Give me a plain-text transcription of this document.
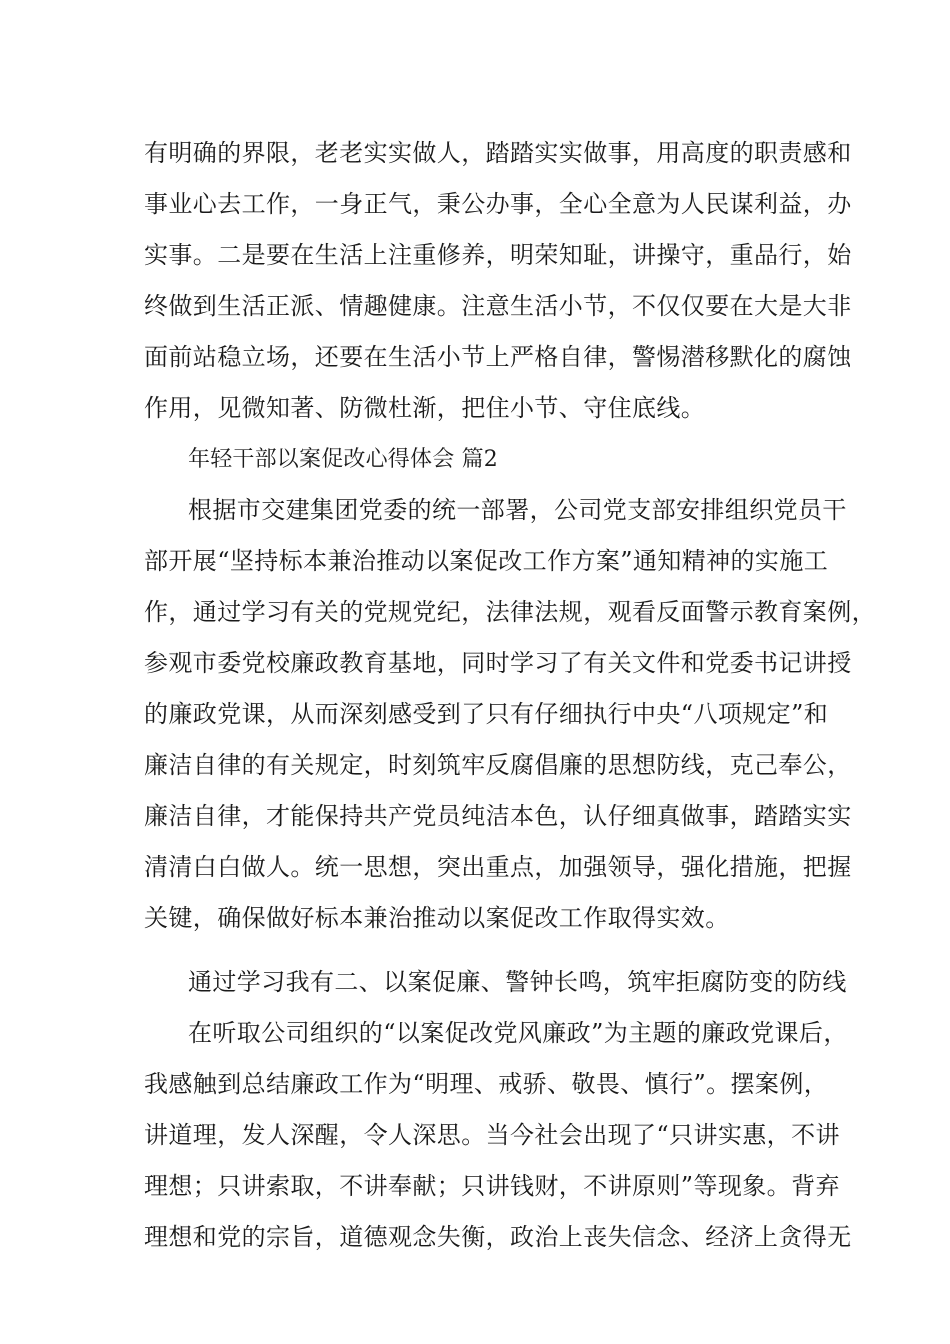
有明确的界限，老老实实做人，踏踏实实做事，用高度的职责感和
事业心去工作，一身正气，秉公办事，全心全意为人民谋利益，办
实事。二是要在生活上注重修养，明荣知耻，讲操守，重品行，始
终做到生活正派、情趣健康。注意生活小节，不仅仅要在大是大非
面前站稳立场，还要在生活小节上严格自律，警惕潜移默化的腐蚀
作用，见微知著、防微杜渐，把住小节、守住底线。
年轻干部以案促改心得体会 篇2
根据市交建集团党委的统一部署，公司党支部安排组织党员干
部开展“坚持标本兼治推动以案促改工作方案”通知精神的实施工
作，通过学习有关的党规党纪，法律法规，观看反面警示教育案例，
参观市委党校廉政教育基地，同时学习了有关文件和党委书记讲授
的廉政党课，从而深刻感受到了只有仔细执行中央“八项规定”和
廉洁自律的有关规定，时刻筑牢反腐倡廉的思想防线，克己奉公，
廉洁自律，才能保持共产党员纯洁本色，认仔细真做事，踏踏实实
清清白白做人。统一思想，突出重点，加强领导，强化措施，把握
关键，确保做好标本兼治推动以案促改工作取得实效。
通过学习我有二、以案促廉、警钟长鸣，筑牢拒腐防变的防线
在听取公司组织的“以案促改党风廉政”为主题的廉政党课后，
我感触到总结廉政工作为“明理、戒骄、敬畏、慎行”。摆案例，
讲道理，发人深醒，令人深思。当今社会出现了“只讲实惠，不讲
理想；只讲索取，不讲奉献；只讲钱财，不讲原则”等现象。背弃
理想和党的宗旨，道德观念失衡，政治上丧失信念、经济上贪得无
